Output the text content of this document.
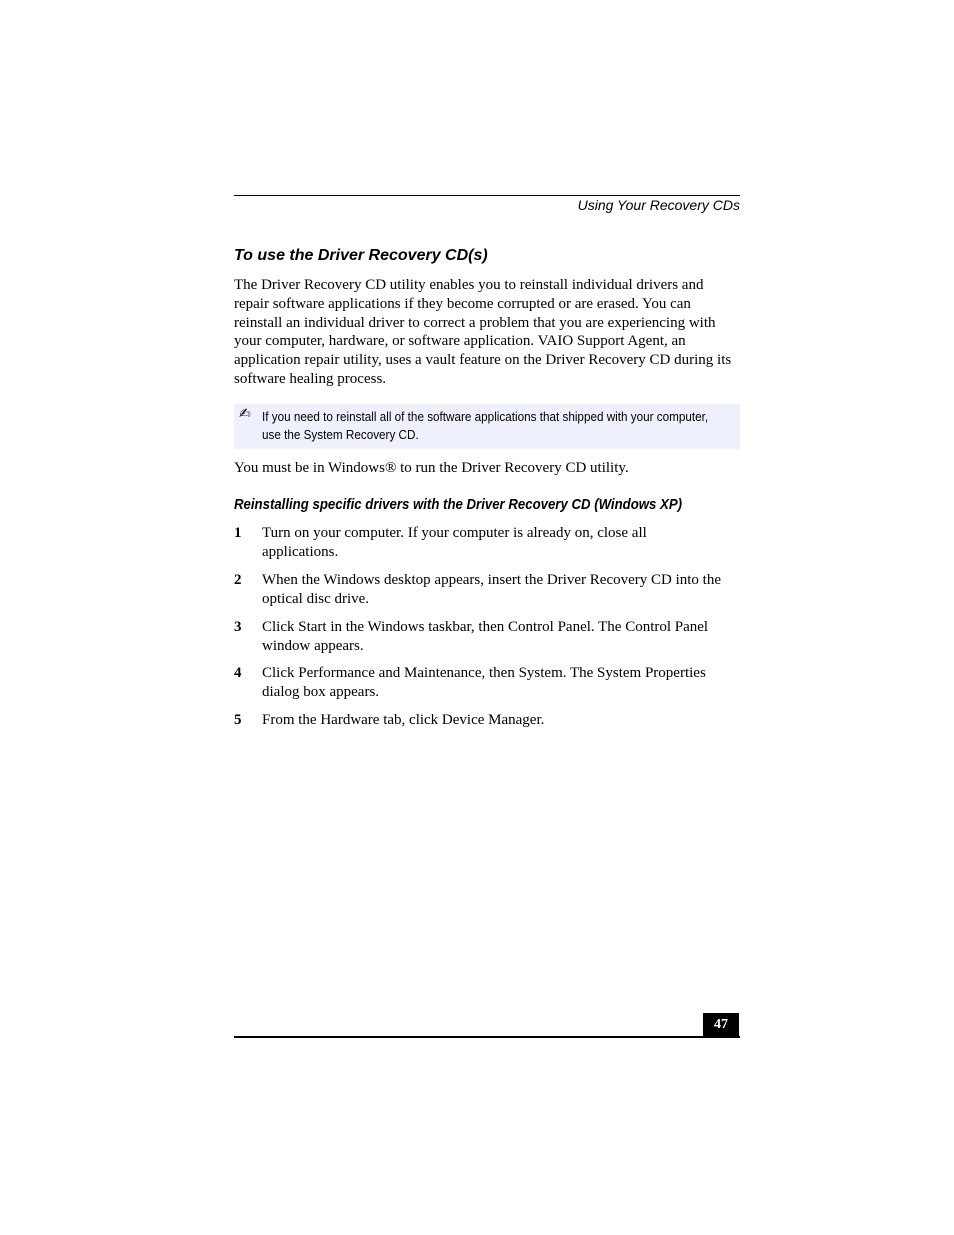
Using Your Recovery CDs
To use the Driver Recovery CD(s)
The Driver Recovery CD utility enables you to reinstall individual drivers and repair software applications if they become corrupted or are erased. You can reinstall an individual driver to correct a problem that you are experiencing with your computer, hardware, or software application. VAIO Support Agent, an application repair utility, uses a vault feature on the Driver Recovery CD during its software healing process.
✍ If you need to reinstall all of the software applications that shipped with your computer, use the System Recovery CD.
You must be in Windows® to run the Driver Recovery CD utility.
Reinstalling specific drivers with the Driver Recovery CD (Windows XP)
1 Turn on your computer. If your computer is already on, close all applications.
2 When the Windows desktop appears, insert the Driver Recovery CD into the optical disc drive.
3 Click Start in the Windows taskbar, then Control Panel. The Control Panel window appears.
4 Click Performance and Maintenance, then System. The System Properties dialog box appears.
5 From the Hardware tab, click Device Manager.
47
